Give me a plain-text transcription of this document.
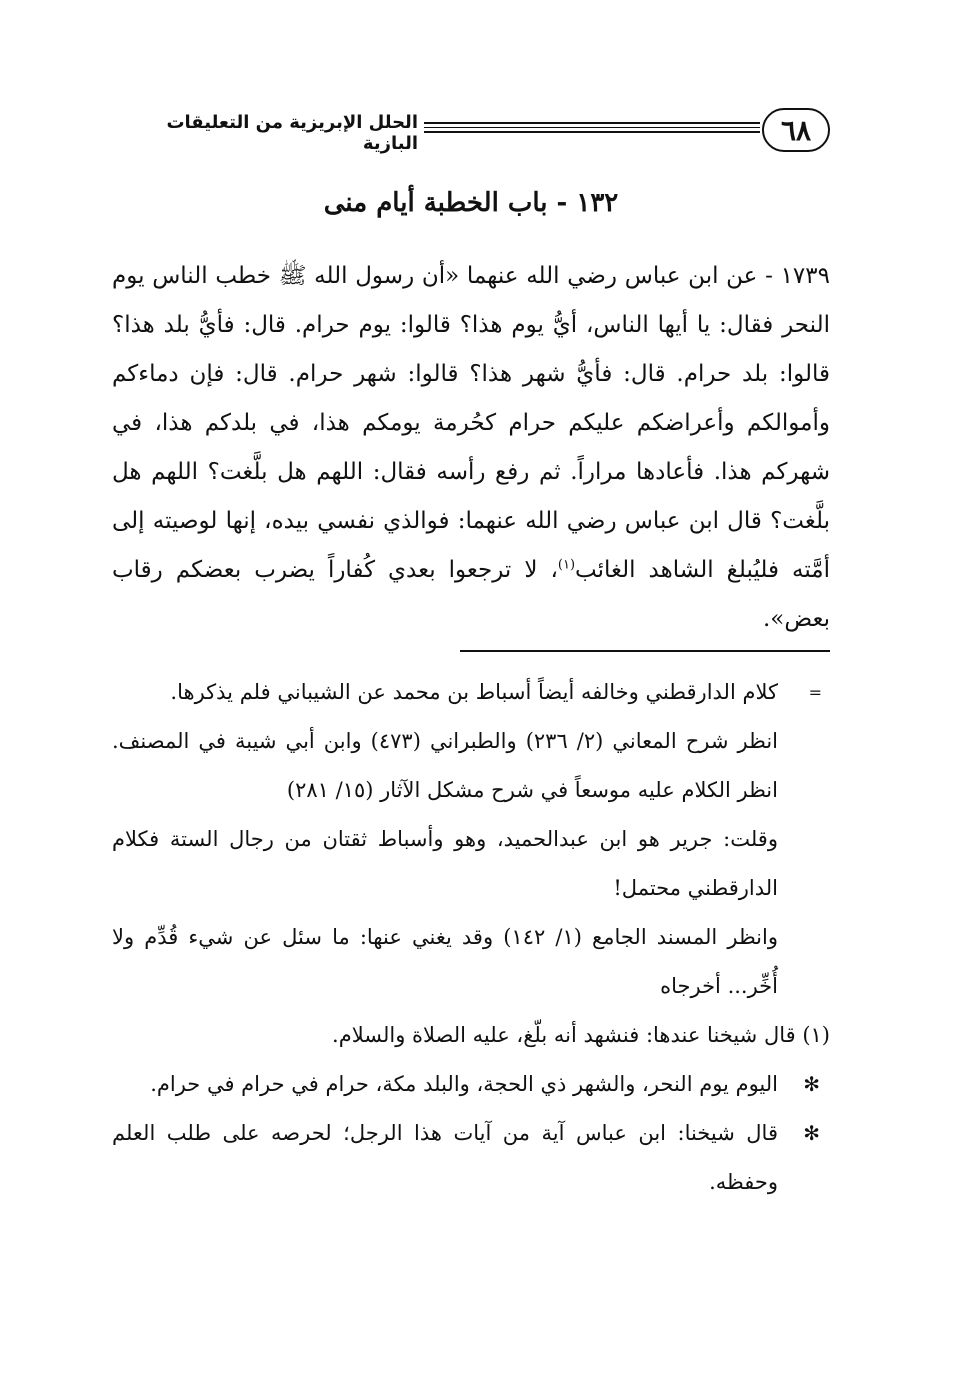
٦٨
الحلل الإبريزية من التعليقات البازية
١٣٢ - باب الخطبة أيام منى

١٧٣٩ - عن ابن عباس رضي الله عنهما «أن رسول الله ﷺ خطب الناس يوم النحر فقال: يا أيها الناس، أيُّ يوم هذا؟ قالوا: يوم حرام. قال: فأيُّ بلد هذا؟ قالوا: بلد حرام. قال: فأيُّ شهر هذا؟ قالوا: شهر حرام. قال: فإن دماءكم وأموالكم وأعراضكم عليكم حرام كحُرمة يومكم هذا، في بلدكم هذا، في شهركم هذا. فأعادها مراراً. ثم رفع رأسه فقال: اللهم هل بلَّغت؟ اللهم هل بلَّغت؟ قال ابن عباس رضي الله عنهما: فوالذي نفسي بيده، إنها لوصيته إلى أمَّته فليُبلغ الشاهد الغائب$^{(١)}$، لا ترجعوا بعدي كُفاراً يضرب بعضكم رقاب بعض».

=

كلام الدارقطني وخالفه أيضاً أسباط بن محمد عن الشيباني فلم يذكرها.

انظر شرح المعاني (٢/ ٢٣٦) والطبراني (٤٧٣) وابن أبي شيبة في المصنف. انظر الكلام عليه موسعاً في شرح مشكل الآثار (١٥/ ٢٨١)

وقلت: جرير هو ابن عبدالحميد، وهو وأسباط ثقتان من رجال الستة فكلام الدارقطني محتمل!

وانظر المسند الجامع (١/ ١٤٢) وقد يغني عنها: ما سئل عن شيء قُدِّم ولا أُخِّر... أخرجاه

(١) قال شيخنا عندها: فنشهد أنه بلّغ، عليه الصلاة والسلام.

✻

اليوم يوم النحر، والشهر ذي الحجة، والبلد مكة، حرام في حرام في حرام.

✻

قال شيخنا: ابن عباس آية من آيات هذا الرجل؛ لحرصه على طلب العلم وحفظه.
